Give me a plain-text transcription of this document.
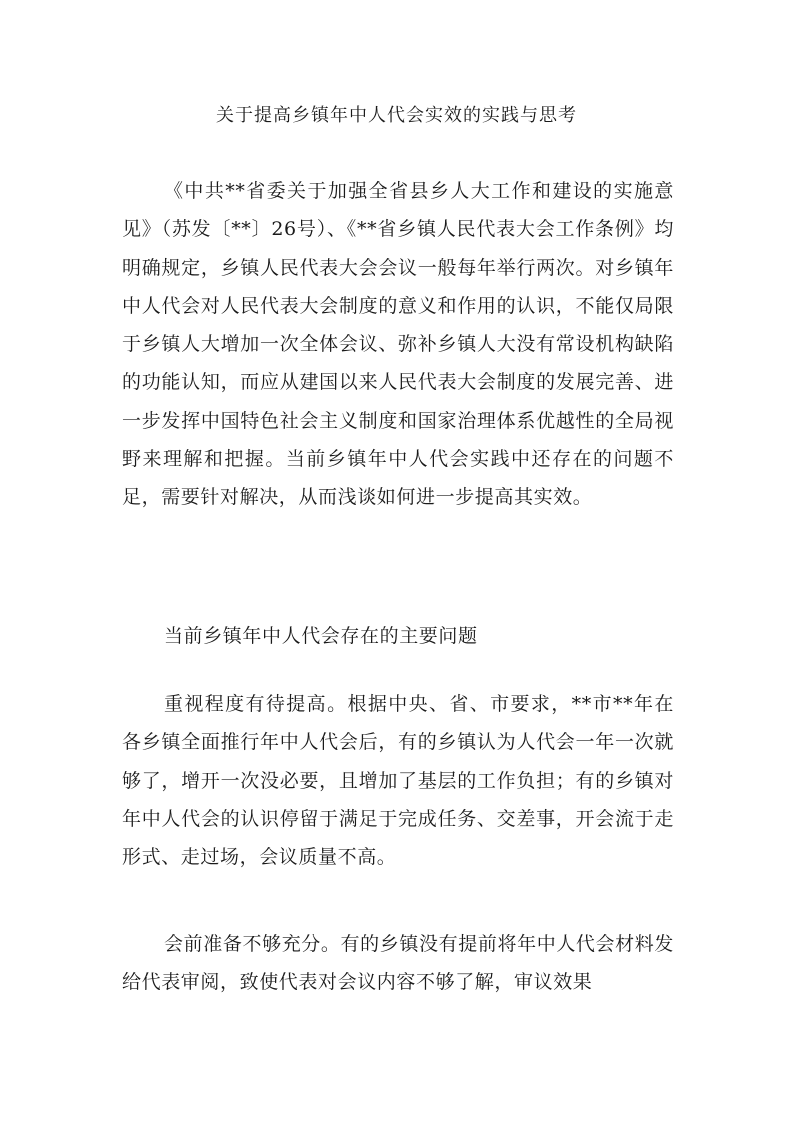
关于提高乡镇年中人代会实效的实践与思考

《中共**省委关于加强全省县乡人大工作和建设的实施意见》（苏发〔**〕26号）、《**省乡镇人民代表大会工作条例》均明确规定，乡镇人民代表大会会议一般每年举行两次。对乡镇年中人代会对人民代表大会制度的意义和作用的认识，不能仅局限于乡镇人大增加一次全体会议、弥补乡镇人大没有常设机构缺陷的功能认知，而应从建国以来人民代表大会制度的发展完善、进一步发挥中国特色社会主义制度和国家治理体系优越性的全局视野来理解和把握。当前乡镇年中人代会实践中还存在的问题不足，需要针对解决，从而浅谈如何进一步提高其实效。

当前乡镇年中人代会存在的主要问题

重视程度有待提高。根据中央、省、市要求，**市**年在各乡镇全面推行年中人代会后，有的乡镇认为人代会一年一次就够了，增开一次没必要，且增加了基层的工作负担；有的乡镇对年中人代会的认识停留于满足于完成任务、交差事，开会流于走形式、走过场，会议质量不高。

会前准备不够充分。有的乡镇没有提前将年中人代会材料发给代表审阅，致使代表对会议内容不够了解，审议效果
